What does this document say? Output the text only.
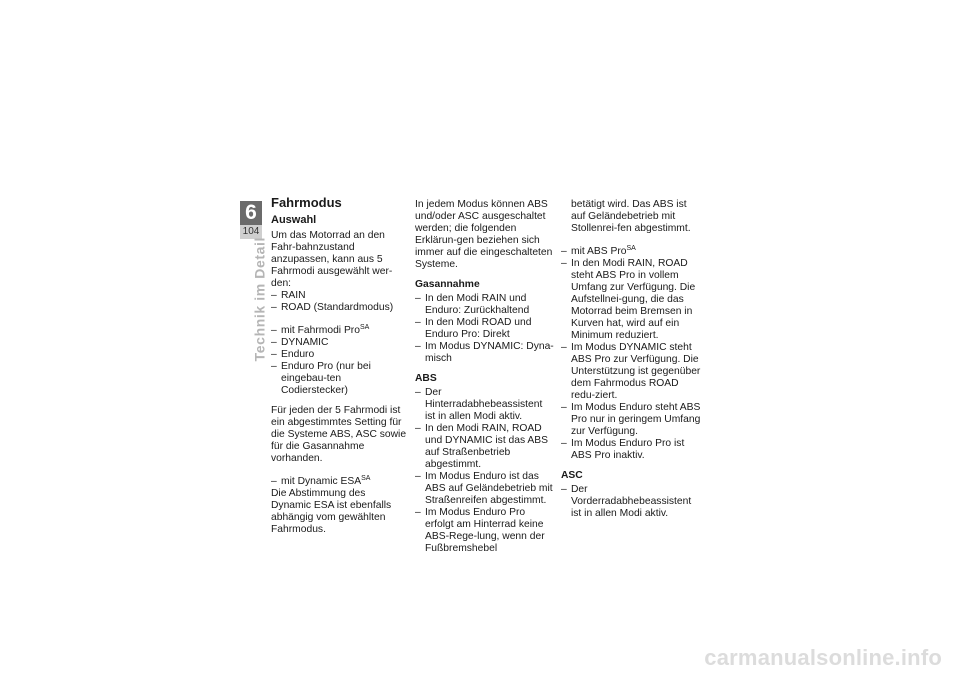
6
104
Technik im Detail
Fahrmodus
Auswahl

Um das Motorrad an den Fahr-bahnzustand anzupassen, kann aus 5 Fahrmodi ausgewählt wer-den:

– RAIN
– ROAD (Standardmodus)
– mit Fahrmodi Pro$^{SA}$
– DYNAMIC
– Enduro
– Enduro Pro (nur bei eingebau-ten Codierstecker)

Für jeden der 5 Fahrmodi ist ein abgestimmtes Setting für die Systeme ABS, ASC sowie für die Gasannahme vorhanden.

– mit Dynamic $ESA^{SA}$

Die Abstimmung des Dynamic ESA ist ebenfalls abhängig vom gewählten Fahrmodus.

In jedem Modus können ABS und/oder ASC ausgeschaltet werden; die folgenden Erklärun-gen beziehen sich immer auf die eingeschalteten Systeme.

Gasannahme
– In den Modi RAIN und Enduro: Zurückhaltend
– In den Modi ROAD und Enduro Pro: Direkt
– Im Modus DYNAMIC: Dyna-misch
ABS
– Der Hinterradabhebeassistent ist in allen Modi aktiv.
– In den Modi RAIN, ROAD und DYNAMIC ist das ABS auf Straßenbetrieb abgestimmt.
– Im Modus Enduro ist das ABS auf Geländebetrieb mit Straßenreifen abgestimmt.
– Im Modus Enduro Pro erfolgt am Hinterrad keine ABS-Rege-lung, wenn der Fußbremshebel
betätigt wird. Das ABS ist auf Geländebetrieb mit Stollenrei-fen abgestimmt.
– mit ABS Pro$^{SA}$
– In den Modi RAIN, ROAD steht ABS Pro in vollem Umfang zur Verfügung. Die Aufstellnei-gung, die das Motorrad beim Bremsen in Kurven hat, wird auf ein Minimum reduziert.
– Im Modus DYNAMIC steht ABS Pro zur Verfügung. Die Unterstützung ist gegenüber dem Fahrmodus ROAD redu-ziert.
– Im Modus Enduro steht ABS Pro nur in geringem Umfang zur Verfügung.
– Im Modus Enduro Pro ist ABS Pro inaktiv.
ASC
– Der Vorderradabhebeassistent ist in allen Modi aktiv.
carmanualsonline.info
